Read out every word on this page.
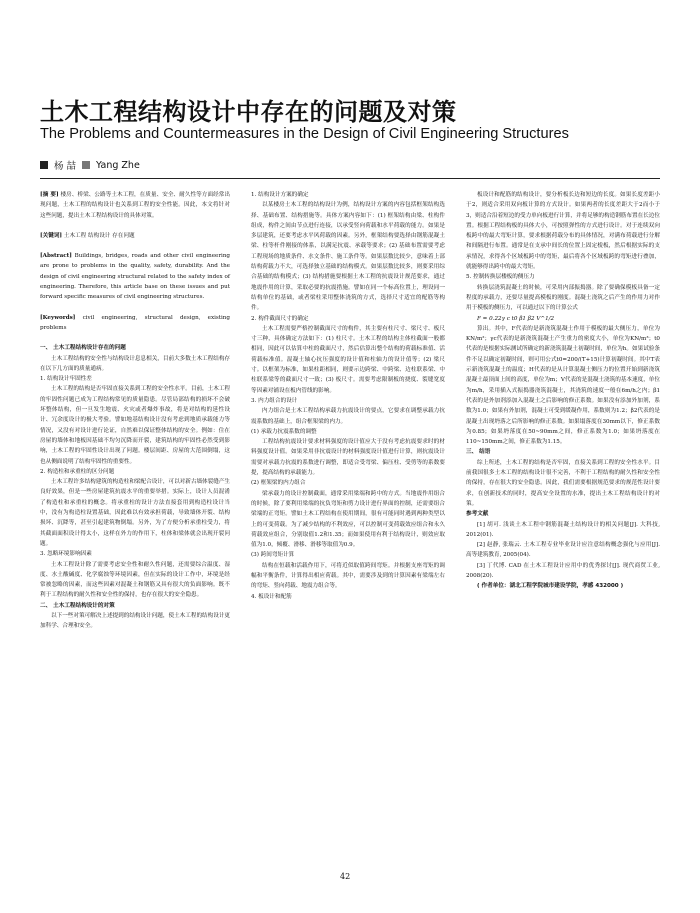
土木工程结构设计中存在的问题及对策
The Problems and Countermeasures in the Design of Civil Engineering Structures
杨 喆 Yang Zhe

[摘 要] 楼房、桥梁、公路等土木工程，在质量、安全、耐久性等方面经常出现问题，土木工程的结构设计也关系到工程的安全性能。因此，本文将针对这些问题，提出土木工程结构设计的具体对策。

[关键词] 土木工程 结构设计 存在问题

[Abstract] Buildings, bridges, roads and other civil engineering are prone to problems in the quality, safety, durability. And the design of civil engineering structural related to the safety index of engineering. Therefore, this article base on these issues and put forward specific measures of civil engineering structures.

[Keywords] civil engineering, structural design, existing problems

一、 土木工程结构设计存在的问题

土木工程结构的安全性与结构设计息息相关，目前大多数土木工程结构存在以下几方面的质量通病。

1. 结构设计牢固性差

土木工程的结构是否牢固直接关系到工程的安全性水平。目前，土木工程的牢固性问题已成为工程结构常见的质量隐患。尽管局部结构的损坏不会破坏整体结构，但一旦发生地震、火灾或者爆炸事故，将是对结构的延性设计、冗余度设计的极大考验。譬如地基结构设计没有考虑到地质承载能力等情况，又没有对设计进行论证，自然难以保证整体结构的安全。例如：住在房屋的墙体和地板因基础不均匀沉降而开裂，建筑结构的牢固性必然受到影响，土木工程的牢固性设计出现了问题。楼层间距、房屋的大范围倒塌，这也从侧面说明了结构牢固性的重要性。

2. 构造柱和承重柱的区分问题

土木工程许多结构建筑的构造柱和梁配合设计，可以对新古墙体裂缝产生良好效果，但是一些房屋建筑抗震水平的重要举措。实际上，设计人员混淆了构造柱和承重柱的概念。将承重柱的设计方法直接套用到构造柱设计当中，没有为构造柱设置基础，因此难以有效承担荷载，导致墙体开裂、结构损坏、沉降等，甚至引起建筑物倒塌。另外，为了方便分析承重柱受力，将其截面面积设计得太小，这样在外力的作用下，柱体和梁体就会出现开裂问题。

3. 忽略环境影响因素

土木工程设计除了需要考虑安全性和耐久性问题，还需要综合温度、湿度、水土酸碱度、化学腐蚀等环境因素，但在实际的设计工作中，环境是经常被忽略的因素，而这些因素对混凝土和钢筋又具有很大的负面影响。既不利于工程结构的耐久性和安全性的保持，也存在很大的安全隐患。

二、 土木工程结构设计的对策

以下一些对策可解决上述提到的结构设计问题，使土木工程的结构设计更加科学、合理和安全。

1. 结构设计方案的确定

以某楼房土木工程的结构设计为例，结构设计方案的内容包括框架结构选择、基础布置、结构措施等。具体方案内容如下：(1) 框架结构由梁、柱构件组成，构件之间由节点进行连接，以承受竖向荷载和水平荷载的能力。如果是多层建筑，还要考虑水平风荷载的因素。另外，框架结构要选择由钢筋混凝土梁、柱等杆件刚接的体系，以满足抗震、承载等要求；(2) 基础布置需要考虑工程现场的地质条件、水文条件、施工条件等。如果层数比较少，意味着上部结构荷载力不大，可选择独立基础的结构模式。如果层数比较多，则要采用综合基础的结构模式；(3) 结构措施要根据土木工程的抗震设计规范要求，通过地震作用的计算，采取必要的抗震措施。譬如在同一个标高位置上，理设同一结构单位的基础，或者梁柱采用整体浇筑的方式，选择尺寸适宜的配筋等构件。

2. 构件截面尺寸的确定

土木工程需要严格控制截面尺寸的构件，其主要有柱尺寸、梁尺寸、板尺寸三种，具体确定方法如下：(1) 柱尺寸。土木工程的结构主体柱截面一般都相同，因此可以估算中柱的截面尺寸，然后估算出整个结构的荷载标准值、活荷载标准值。混凝土轴心抗压强度的设计值和柱轴力的设计值等；(2) 梁尺寸。以框架为标准，如果柱距相同，则要示边跨梁、中跨梁、边柱联系梁、中柱联系梁等的截面尺寸一致；(3) 板尺寸。需要考虑限制板的挠度、裂缝宽度等因素对铺设在板内管线的影响。

3. 内力组合的设计

内力组合是土木工程结构承载力抗震设计的要点，它要求在调整承载力抗震系数的基础上，组合框架梁的内力。

(1) 承载力抗震系数的调整

工程结构抗震设计要求材料强度的设计值应大于没有考虑抗震要求时的材料强度设计值。如果采用非抗震设计的材料强度设计值进行计算，则抗震设计需要对承载力抗震的系数进行调整，即适合受弯梁、偏压柱、受剪等的系数要提，提高结构的承载能力。

(2) 框架梁的内力组合

梁承载力的设计控制截面，通常采用梁端和跨中的方式。当地震作用组合的时候，除了要利用梁端的抗负弯矩和剪力设计进行界面的控制，还需要组合梁端的正弯矩。譬如土木工程结构在使用期间，很有可能同时遇到两种类型以上的可变荷载。为了减少结构的不利效应，可以控制可变荷载效应组合和永久荷载效应组合，分别取值1.2和1.35；而如果使用有利于结构设计，则效应取值为1.0，倾覆、滑移、滑移等取值为0.9。

(3) 跨间弯矩计算

结构在恒载和活载作用下，可将近似取值跨间弯矩。并根据支座弯矩的调幅和平衡条件，计算得出相应荷载。其中，需要涉及到的计算因素有梁端左右的弯矩、竖向荷载、地震力组合等。

4. 板设计和配筋

板设计和配筋的结构设计，要分析板长边和短边的长度。如果长度差距小于2，则适合采用双向板计算的方式设计。如果两者的长度差距大于2而小于3，则适合沿着短边的受力单向板进行计算，并将足够的构造钢筋布置在长边位置。根据工程结构板的具体大小，可按照弹性的方式进行设计。对于连续双向板跨中的最大弯矩计算，要求根据荷载分布的具体情况，对满布荷载进行分解和间隔进行布置。通常是在支承中间长的位置上固定棱板，然后根据实际的支承情况，求得各个区域板跨中的弯矩，最后将各个区域板跨的弯矩进行叠加，就能够得出跨中的最大弯矩。

5. 控制转换层楼板的侧压力

转换层浇筑混凝土的时候，可采用内部振捣器。除了要确保模板具备一定程度的承载力，还要尽量提高模板的刚度。混凝土浇筑之后产生的作用力对作用于模板的侧压力，可以通过以下的计算公式

F = 0.22γ c t0 β1 β2 V^1/2

算出。其中，F代表的是新浇筑混凝土作用于模板的最大侧压力，单位为KN/m²；γc代表的是新浇筑混凝土产生重力的密度大小，单位为KN/m³；t0代表的是根据实际测试所确定的新浇筑混凝土初凝时间，单位为h。如果试验条件不足以确定初凝时间，则可用公式t0=200/(T+15)计算初凝时间。其中T表示新浇筑混凝土的温度；H代表的是从计算混凝土侧压力的位置开始到新浇筑混凝土最顶面上间的高度，单位为m；V代表的是混凝土浇筑的基本速度，单位为m/h，采用插入式振捣器浇筑混凝土，其浇筑的速度一般在6m/h之内；β1代表的是外加剂添加入混凝土之后影响的修正系数。如果没有添加外加剂，系数为1.0；如果有外加剂，混凝土可受到缓凝作用，系数则为1.2；β2代表的是混凝土出现坍落之后所影响的修正系数。如果塌落度在30mm以下，修正系数为0.85；如果坍落度在50~90mm之间，修正系数为1.0；如果坍落度在110~150mm之间，修正系数为1.15。

三、 结语

综上所述，土木工程的结构是否牢固，直接关系到工程的安全性水平。目前我国很多土木工程的结构设计很不完善，不利于工程结构的耐久性和安全性的保持，存在很大的安全隐患。因此，我们需要根据规范要求的规范性设计要求，在创新技术的同时，提高安全设置的水准，提出土木工程结构设计的对策。

参考文献

[1] 胡可. 浅谈土木工程中钢筋混凝土结构设计的相关问题[J]. 大科技, 2012(01).

[2] 赵静, 张瑞云. 土木工程专业毕业设计应注意结构概念强化与应用[J]. 高等建筑教育, 2005(04).

[3] 丁代博. CAD 在土木工程设计应用中的优秀探讨[J]. 现代商贸工业, 2008(20).

( 作者单位：湖北工程学院城市建设学院，孝感 432000 )

42
